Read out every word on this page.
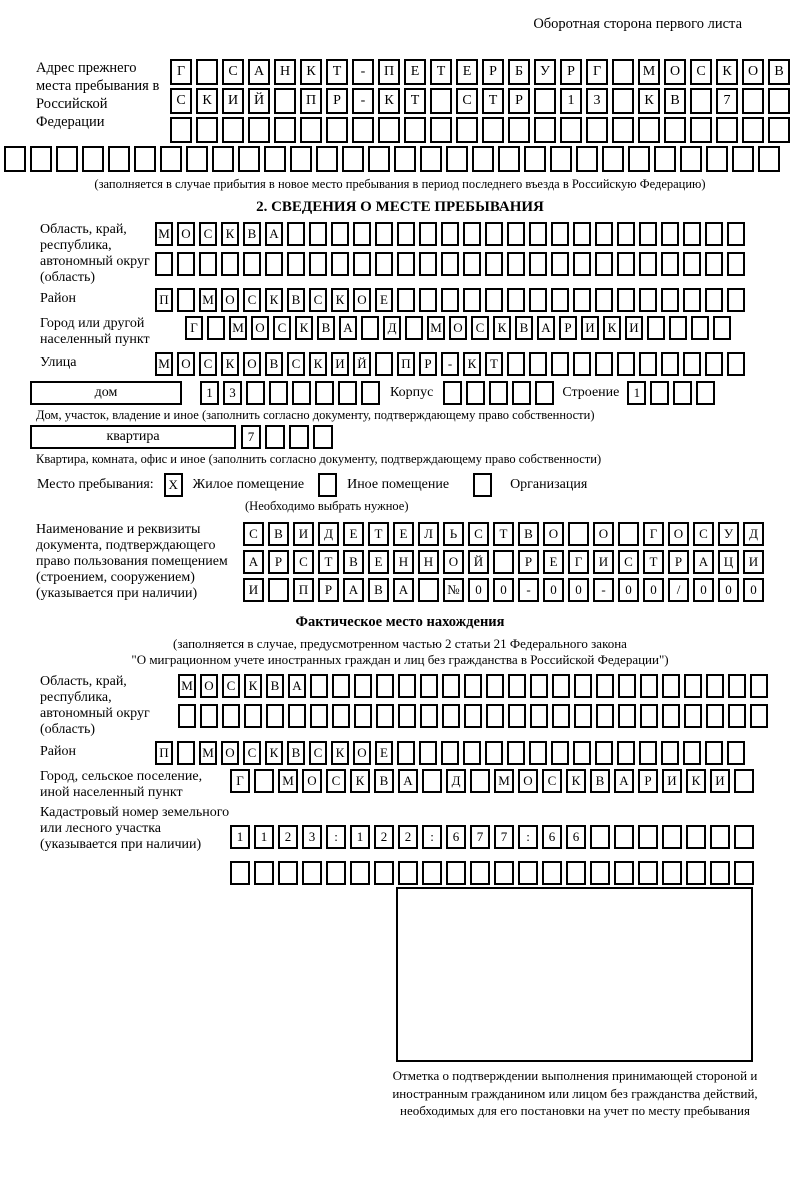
Оборотная сторона первого листа
Адрес прежнего места пребывания в Российской Федерации
Г	С	А	Н	К	Т	-	П	Е	Т	Е	Р	Б	У	Р	Г	М	О	С	К	О	В
С	К	И	Й	П	Р	-	К	Т	С	Т	Р	1	3	К	В	7
(заполняется в случае прибытия в новое место пребывания в период последнего въезда в Российскую Федерацию)
2. СВЕДЕНИЯ О МЕСТЕ ПРЕБЫВАНИЯ
Область, край, республика, автономный округ (область)
М О С	К	В А
Район	П	М О С	К	В	С	К О	Е
Город или другой населенный пункт
Г	М О С	К	В А	Д	М О С	К	В А	Р	И К И
Улица	М О С	К О В	С	К И Й	П	Р	-	К	Т
дом	1	3	Корпус	Строение	1
Дом, участок, владение и иное (заполнить согласно документу, подтверждающему право собственности)
квартира	7
Квартира, комната, офис и иное (заполнить согласно документу, подтверждающему право собственности)
Место пребывания:	X	Жилое помещение	Иное помещение	Организация
(Необходимо выбрать нужное)
Наименование и реквизиты документа, подтверждающего право пользования помещением (строением, сооружением) (указывается при наличии)
С	В	И	Д	Е	Т	Е	Л	Ь	С	Т	В	О	О	Г	О	С	У	Д
А	Р	С	Т	В	Е	Н	Н	О	Й	Р	Е	Г	И	С	Т	Р	А	Ц	И
И	П	Р	А	В	А	№	0	0	-	0	0	-	0	0	/	0	0	0
Фактическое место нахождения
(заполняется в случае, предусмотренном частью 2 статьи 21 Федерального закона
"О миграционном учете иностранных граждан и лиц без гражданства в Российской Федерации")
Область, край, республика, автономный округ (область)
М О С	К	В А
Район	П	М О С	К	В	С	К О	Е
Город, сельское поселение, иной населенный пункт
Г	М	О	С	К	В	А	Д	М	О	С	К	В	А	Р	И	К	И
Кадастровый номер земельного или лесного участка (указывается при наличии)
1	1	2	3	:	1	2	2	:	6	7	7	:	6	6
Отметка о подтверждении выполнения принимающей стороной и иностранным гражданином или лицом без гражданства действий, необходимых для его постановки на учет по месту пребывания
